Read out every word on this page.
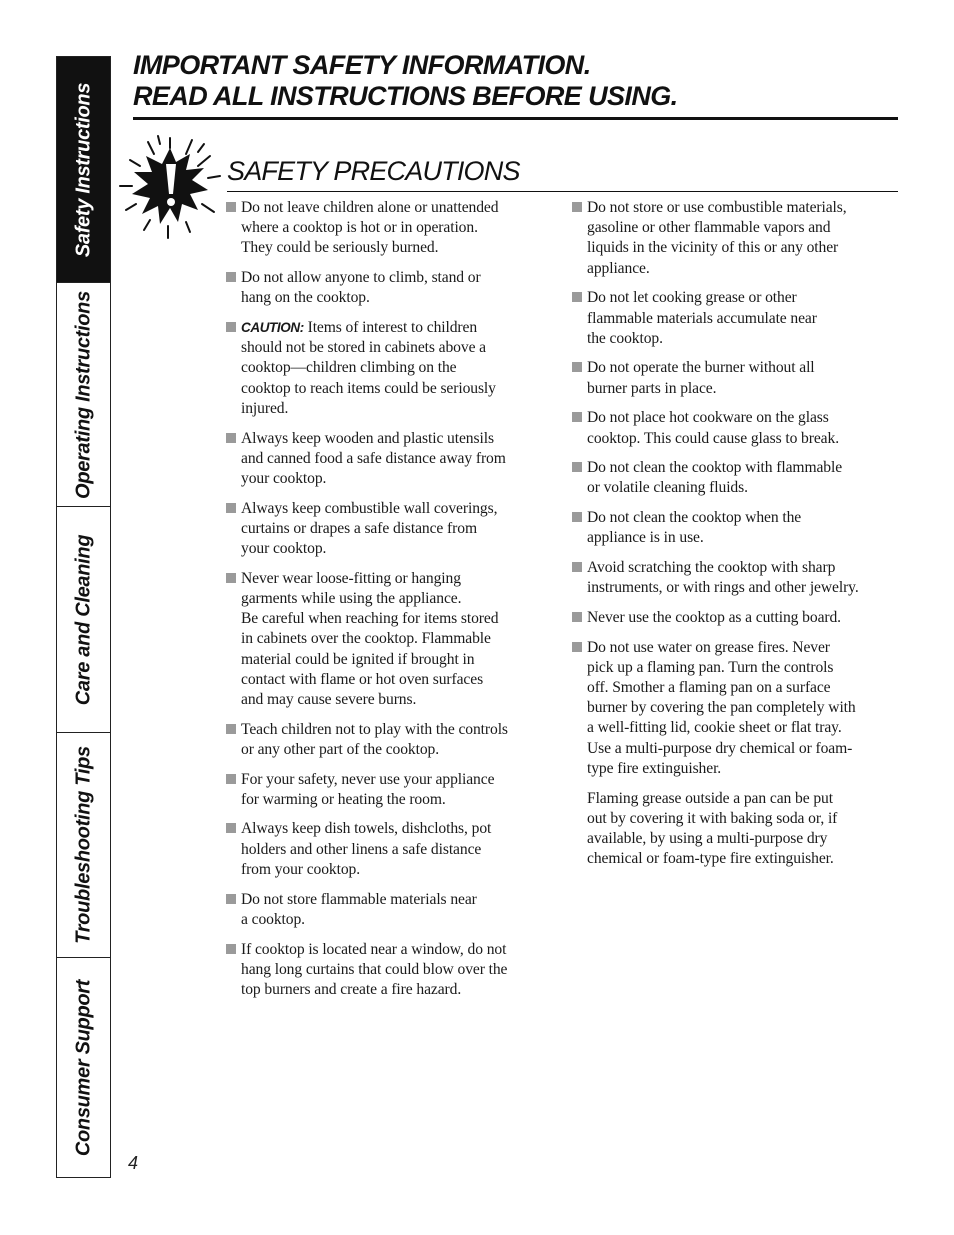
Safety Instructions
Operating Instructions
Care and Cleaning
Troubleshooting Tips
Consumer Support
IMPORTANT SAFETY INFORMATION.
READ ALL INSTRUCTIONS BEFORE USING.
SAFETY PRECAUTIONS
Do not leave children alone or unattended
where a cooktop is hot or in operation.
They could be seriously burned.
Do not allow anyone to climb, stand or
hang on the cooktop.
CAUTION: Items of interest to children
should not be stored in cabinets above a
cooktop—children climbing on the
cooktop to reach items could be seriously
injured.
Always keep wooden and plastic utensils
and canned food a safe distance away from
your cooktop.
Always keep combustible wall coverings,
curtains or drapes a safe distance from
your cooktop.
Never wear loose-fitting or hanging
garments while using the appliance.
Be careful when reaching for items stored
in cabinets over the cooktop. Flammable
material could be ignited if brought in
contact with flame or hot oven surfaces
and may cause severe burns.
Teach children not to play with the controls
or any other part of the cooktop.
For your safety, never use your appliance
for warming or heating the room.
Always keep dish towels, dishcloths, pot
holders and other linens a safe distance
from your cooktop.
Do not store flammable materials near
a cooktop.
If cooktop is located near a window, do not
hang long curtains that could blow over the
top burners and create a fire hazard.
Do not store or use combustible materials,
gasoline or other flammable vapors and
liquids in the vicinity of this or any other
appliance.
Do not let cooking grease or other
flammable materials accumulate near
the cooktop.
Do not operate the burner without all
burner parts in place.
Do not place hot cookware on the glass
cooktop. This could cause glass to break.
Do not clean the cooktop with flammable
or volatile cleaning fluids.
Do not clean the cooktop when the
appliance is in use.
Avoid scratching the cooktop with sharp
instruments, or with rings and other jewelry.
Never use the cooktop as a cutting board.
Do not use water on grease fires. Never
pick up a flaming pan. Turn the controls
off. Smother a flaming pan on a surface
burner by covering the pan completely with
a well-fitting lid, cookie sheet or flat tray.
Use a multi-purpose dry chemical or foam-
type fire extinguisher.
Flaming grease outside a pan can be put
out by covering it with baking soda or, if
available, by using a multi-purpose dry
chemical or foam-type fire extinguisher.
4
